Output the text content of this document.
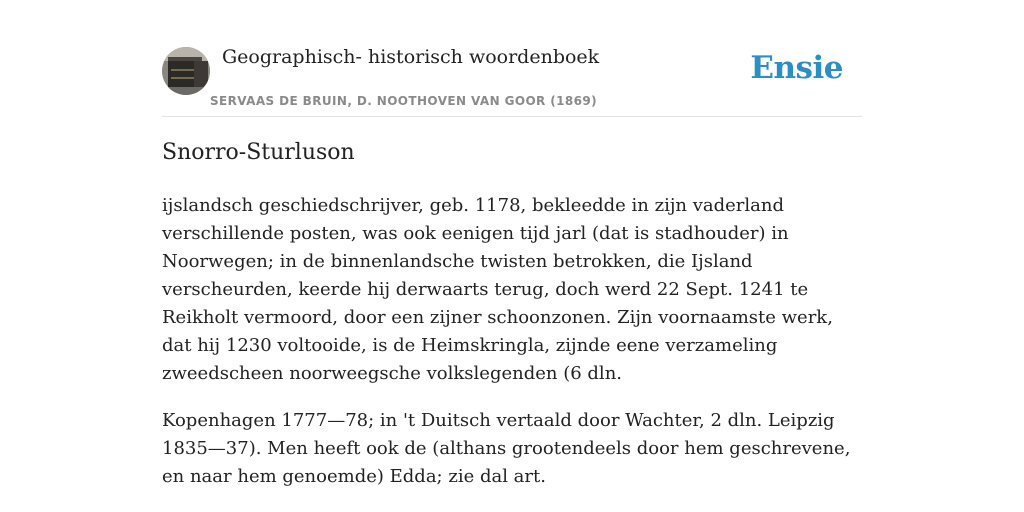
Geographisch- historisch woordenboek
SERVAAS DE BRUIN, D. NOOTHOVEN VAN GOOR (1869)
Ensie
Snorro-Sturluson

ijslandsch geschiedschrijver, geb. 1178, bekleedde in zijn vaderland verschillende posten, was ook eenigen tijd jarl (dat is stadhouder) in Noorwegen; in de binnenlandsche twisten betrokken, die Ijsland verscheurden, keerde hij derwaarts terug, doch werd 22 Sept. 1241 te Reikholt vermoord, door een zijner schoonzonen. Zijn voornaamste werk, dat hij 1230 voltooide, is de Heimskringla, zijnde eene verzameling zweedscheen noorweegsche volkslegenden (6 dln.

Kopenhagen 1777—78; in 't Duitsch vertaald door Wachter, 2 dln. Leipzig 1835—37). Men heeft ook de (althans grootendeels door hem geschrevene, en naar hem genoemde) Edda; zie dal art.
